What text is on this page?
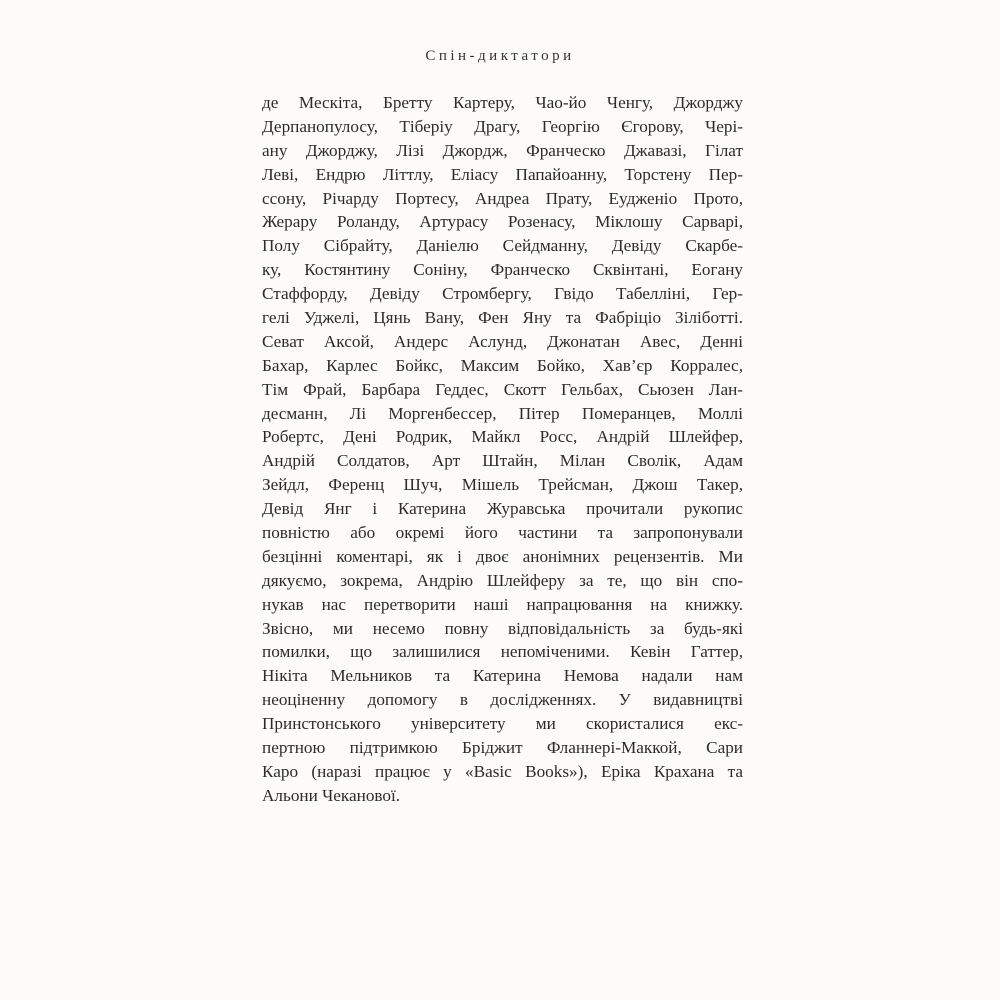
Спін-диктатори
де Мескіта, Бретту Картеру, Чао-йо Ченгу, Джорджу
Дерпанопулосу, Тіберіу Драгу, Георгію Єгорову, Чері-
ану Джорджу, Лізі Джордж, Франческо Джавазі, Гілат
Леві, Ендрю Літтлу, Еліасу Папайоанну, Торстену Пер-
ссону, Річарду Портесу, Андреа Прату, Еудженіо Прото,
Жерару Роланду, Артурасу Розенасу, Міклошу Сарварі,
Полу Сібрайту, Даніелю Сейдманну, Девіду Скарбе-
ку, Костянтину Соніну, Франческо Сквінтані, Еогану
Стаффорду, Девіду Стромбергу, Гвідо Табелліні, Гер-
гелі Уджелі, Цянь Вану, Фен Яну та Фабріціо Зіліботті.
Севат Аксой, Андерс Аслунд, Джонатан Авес, Денні
Бахар, Карлес Бойкс, Максим Бойко, Хав’єр Корралес,
Тім Фрай, Барбара Геддес, Скотт Гельбах, Сьюзен Лан-
десманн, Лі Моргенбессер, Пітер Померанцев, Моллі
Робертс, Дені Родрик, Майкл Росс, Андрій Шлейфер,
Андрій Солдатов, Арт Штайн, Мілан Сволік, Адам
Зейдл, Ференц Шуч, Мішель Трейсман, Джош Такер,
Девід Янг і Катерина Журавська прочитали рукопис
повністю або окремі його частини та запропонували
безцінні коментарі, як і двоє анонімних рецензентів. Ми
дякуємо, зокрема, Андрію Шлейферу за те, що він спо-
нукав нас перетворити наші напрацювання на книжку.
Звісно, ми несемо повну відповідальність за будь-які
помилки, що залишилися непоміченими. Кевін Гаттер,
Нікіта Мельников та Катерина Немова надали нам
неоціненну допомогу в дослідженнях. У видавництві
Принстонського університету ми скористалися екс-
пертною підтримкою Бріджит Фланнері-Маккой, Сари
Каро (наразі працює у «Basic Books»), Еріка Крахана та
Альони Чеканової.
